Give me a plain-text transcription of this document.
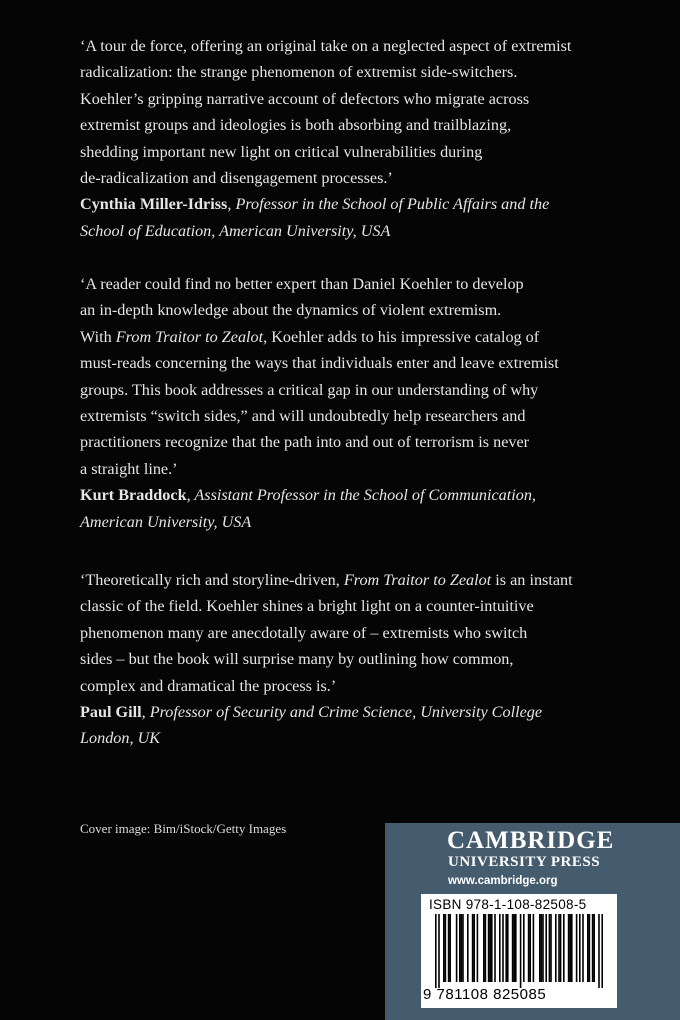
‘A tour de force, offering an original take on a neglected aspect of extremist
radicalization: the strange phenomenon of extremist side-switchers.
Koehler’s gripping narrative account of defectors who migrate across
extremist groups and ideologies is both absorbing and trailblazing,
shedding important new light on critical vulnerabilities during
de-radicalization and disengagement processes.’

Cynthia Miller-Idriss, Professor in the School of Public Affairs and the
School of Education, American University, USA

‘A reader could find no better expert than Daniel Koehler to develop
an in-depth knowledge about the dynamics of violent extremism.
With From Traitor to Zealot, Koehler adds to his impressive catalog of
must-reads concerning the ways that individuals enter and leave extremist
groups. This book addresses a critical gap in our understanding of why
extremists “switch sides,” and will undoubtedly help researchers and
practitioners recognize that the path into and out of terrorism is never
a straight line.’

Kurt Braddock, Assistant Professor in the School of Communication,
American University, USA

‘Theoretically rich and storyline-driven, From Traitor to Zealot is an instant
classic of the field. Koehler shines a bright light on a counter-intuitive
phenomenon many are anecdotally aware of – extremists who switch
sides – but the book will surprise many by outlining how common,
complex and dramatical the process is.’

Paul Gill, Professor of Security and Crime Science, University College
London, UK

Cover image: Bim/iStock/Getty Images	CAMBRIDGE
UNIVERSITY PRESS
www.cambridge.org
ISBN 978-1-108-82508-5
9 781108 825085
